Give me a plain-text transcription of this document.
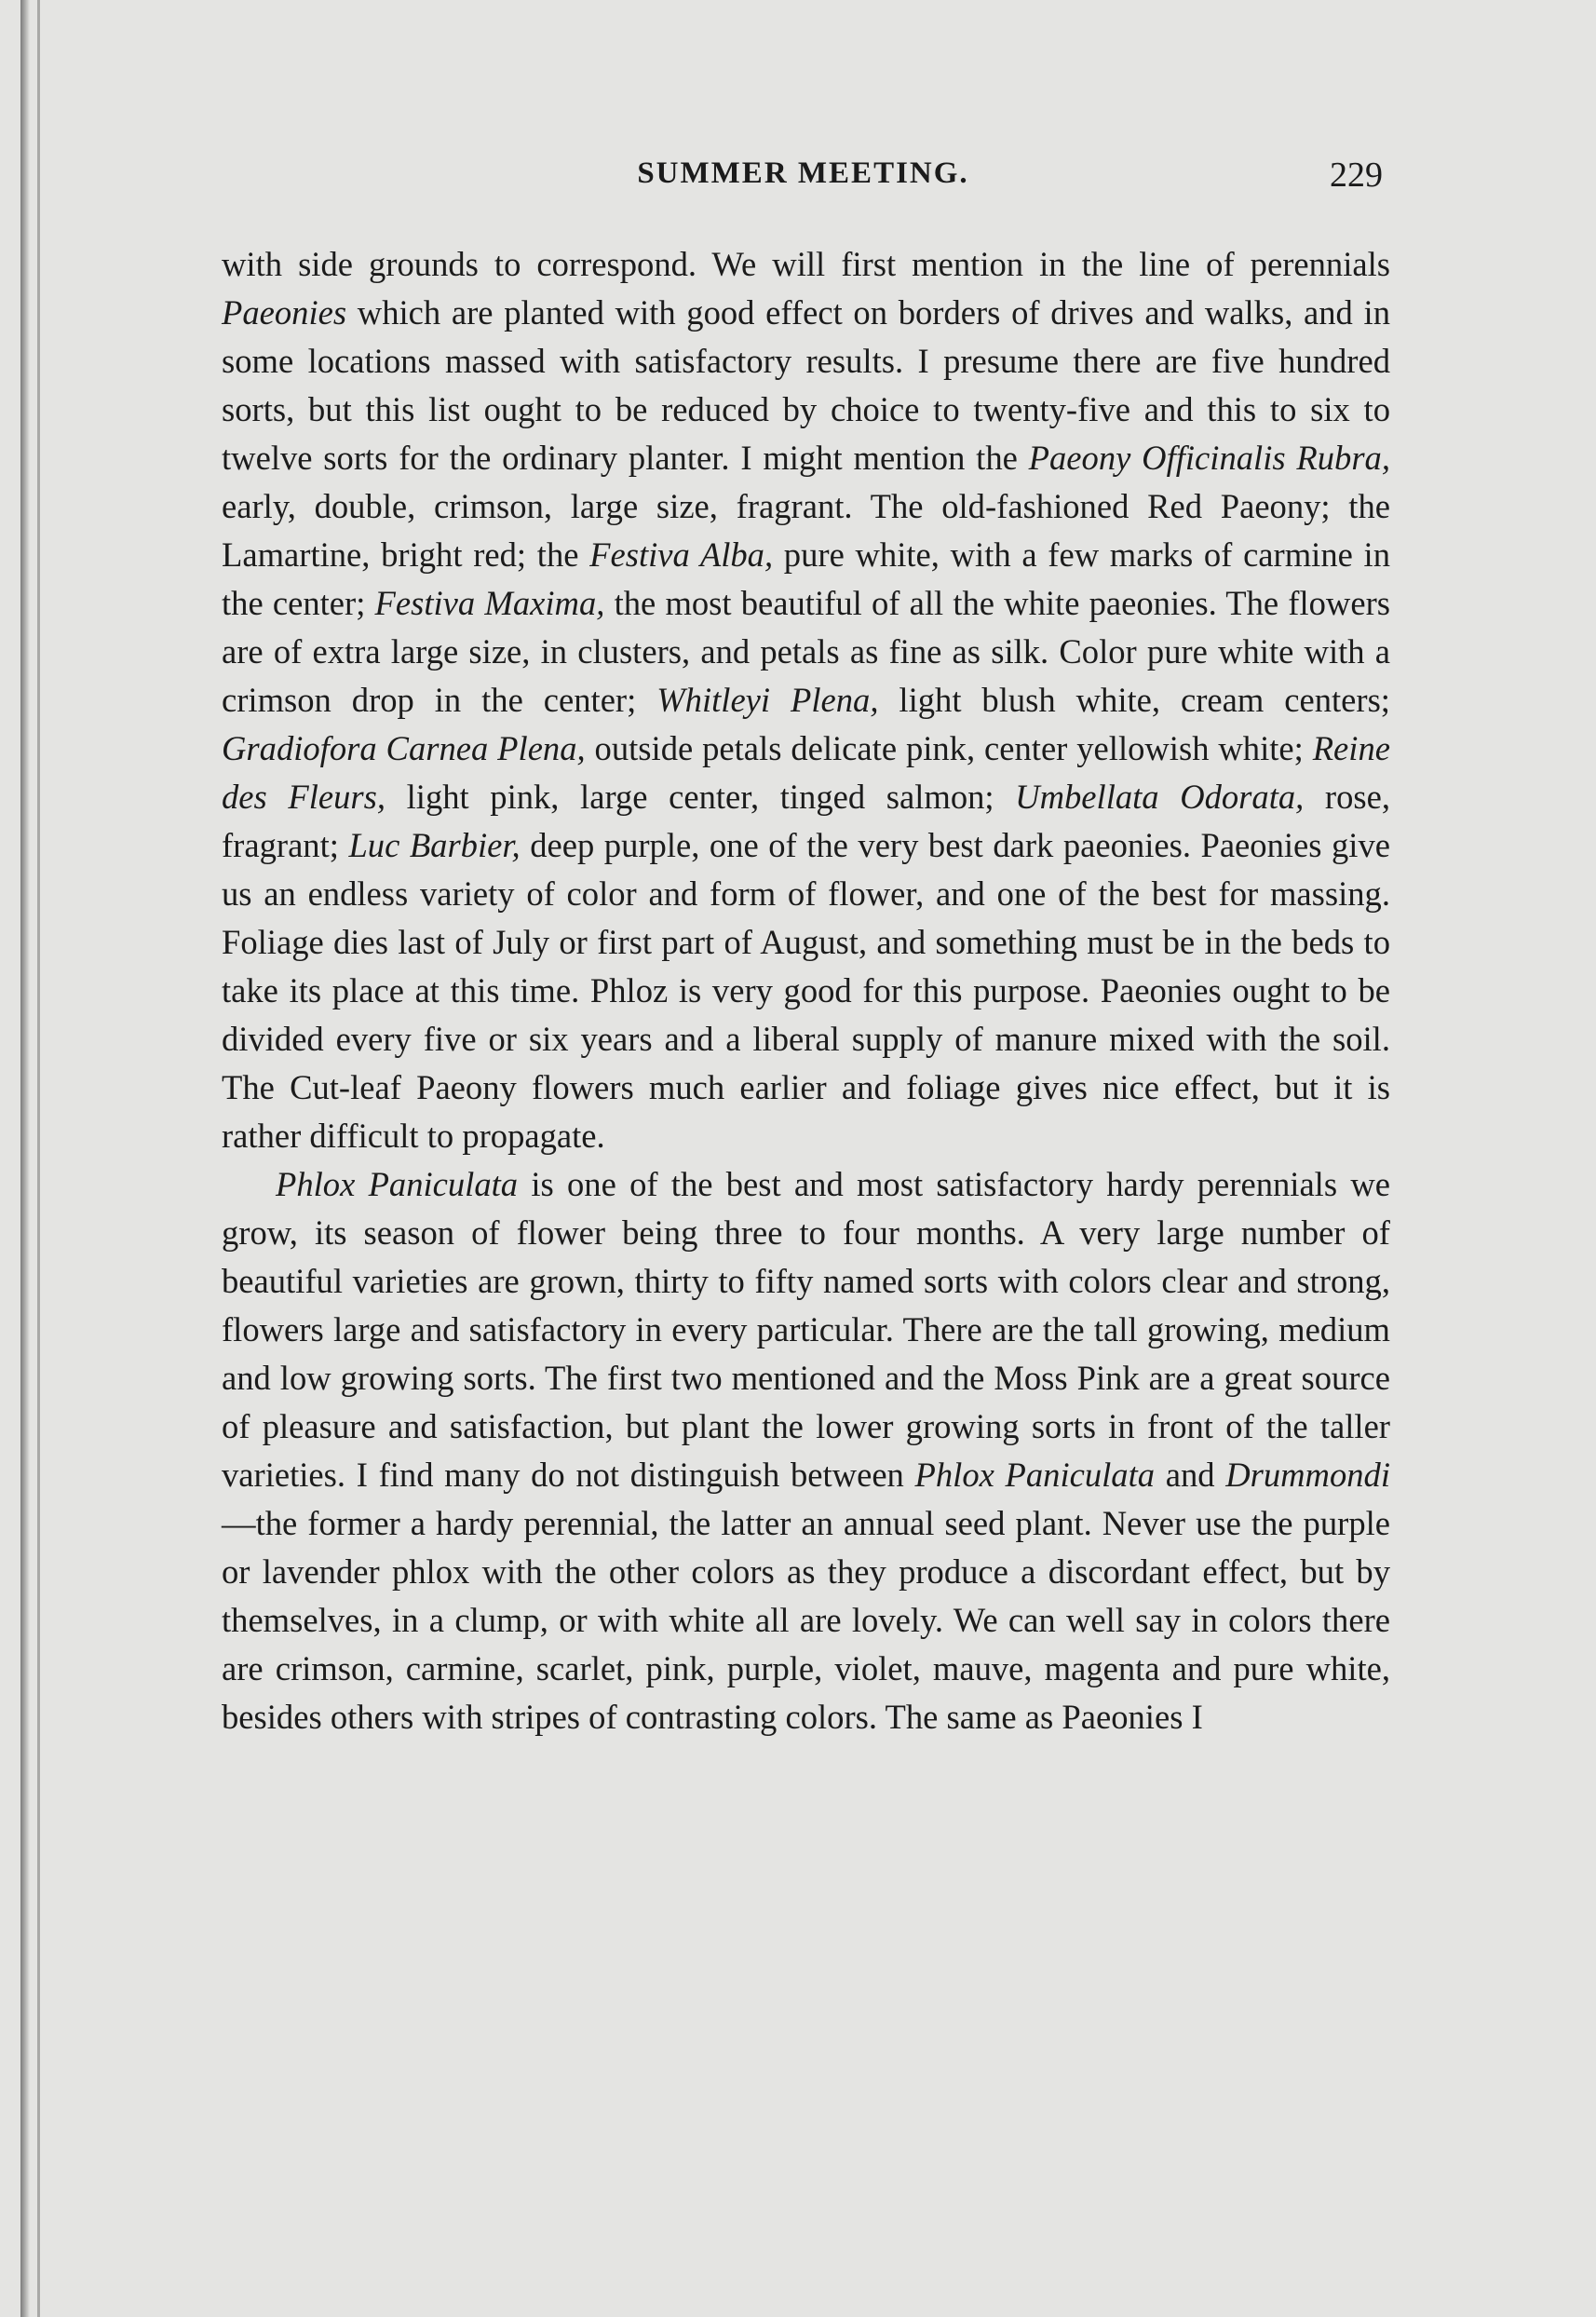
SUMMER MEETING.	229

with side grounds to correspond. We will first mention in the line of perennials Paeonies which are planted with good effect on borders of drives and walks, and in some locations massed with satisfactory results. I presume there are five hundred sorts, but this list ought to be reduced by choice to twenty-five and this to six to twelve sorts for the ordinary planter. I might mention the Paeony Officinalis Rubra, early, double, crimson, large size, fragrant. The old-fashioned Red Paeony; the Lamartine, bright red; the Festiva Alba, pure white, with a few marks of carmine in the center; Festiva Maxima, the most beautiful of all the white paeonies. The flowers are of extra large size, in clusters, and petals as fine as silk. Color pure white with a crimson drop in the center; Whitleyi Plena, light blush white, cream centers; Gradiofora Carnea Plena, outside petals delicate pink, center yellowish white; Reine des Fleurs, light pink, large center, tinged salmon; Umbellata Odorata, rose, fragrant; Luc Barbier, deep purple, one of the very best dark paeonies. Paeonies give us an endless variety of color and form of flower, and one of the best for massing. Foliage dies last of July or first part of August, and something must be in the beds to take its place at this time. Phloz is very good for this purpose. Paeonies ought to be divided every five or six years and a liberal supply of manure mixed with the soil. The Cut-leaf Paeony flowers much earlier and foliage gives nice effect, but it is rather difficult to propagate.

Phlox Paniculata is one of the best and most satisfactory hardy perennials we grow, its season of flower being three to four months. A very large number of beautiful varieties are grown, thirty to fifty named sorts with colors clear and strong, flowers large and satisfactory in every particular. There are the tall growing, medium and low growing sorts. The first two mentioned and the Moss Pink are a great source of pleasure and satisfaction, but plant the lower growing sorts in front of the taller varieties. I find many do not distinguish between Phlox Paniculata and Drummondi—the former a hardy perennial, the latter an annual seed plant. Never use the purple or lavender phlox with the other colors as they produce a discordant effect, but by themselves, in a clump, or with white all are lovely. We can well say in colors there are crimson, carmine, scarlet, pink, purple, violet, mauve, magenta and pure white, besides others with stripes of contrasting colors. The same as Paeonies I
